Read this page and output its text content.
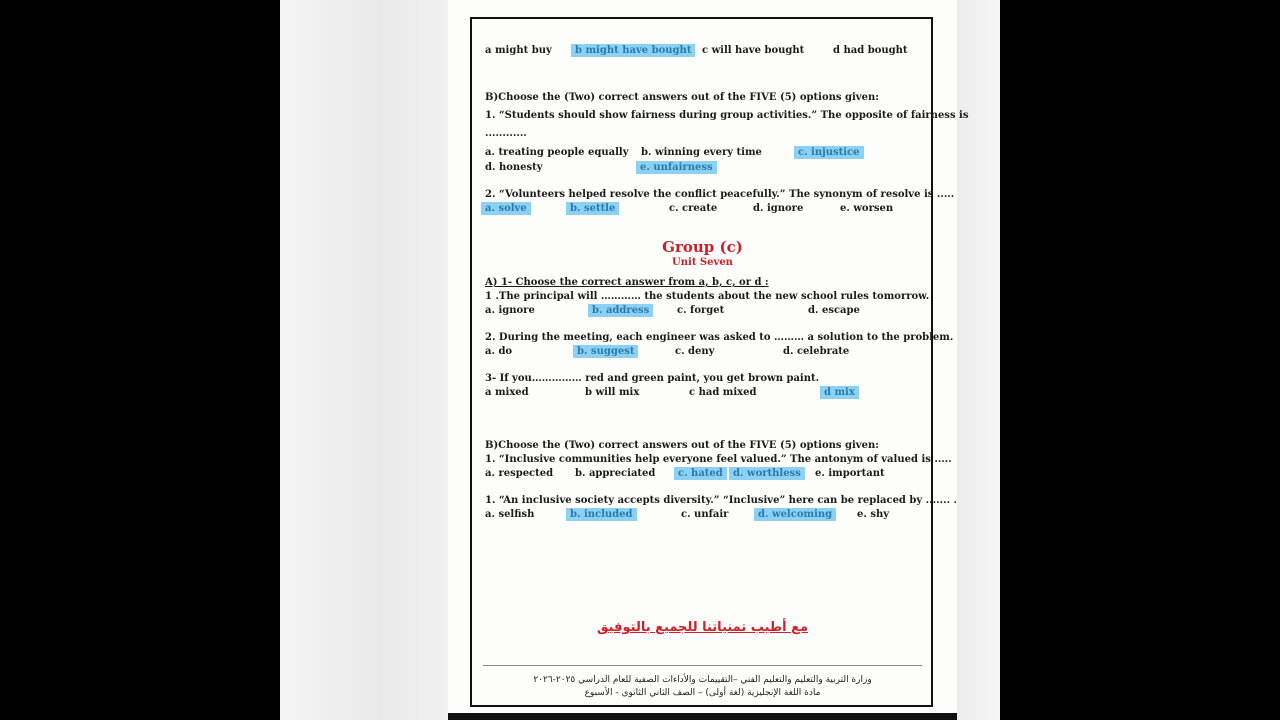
Group (c)
Unit Seven
مع أطيب تمنياتنا للجميع بالتوفيق
a might buy	b might have bought	c will have bought	d had bought
B)Choose the (Two) correct answers out of the FIVE (5) options given:
1. “Students should show fairness during group activities.” The opposite of fairness is
............
a. treating people equally b. winning every time	c. injustice
d. honesty	e. unfairness
2. “Volunteers helped resolve the conflict peacefully.” The synonym of resolve is .....
a. solve	b. settle	c. create	d. ignore	e. worsen
A) 1- Choose the correct answer from a, b, c, or d :
1 .The principal will ………… the students about the new school rules tomorrow.
a. ignore	b. address	c. forget	d. escape
2. During the meeting, each engineer was asked to ……… a solution to the problem.
a. do	b. suggest	c. deny	d. celebrate
3- If you…………… red and green paint, you get brown paint.
a mixed	b will mix	c had mixed	d mix
B)Choose the (Two) correct answers out of the FIVE (5) options given:
1. “Inclusive communities help everyone feel valued.” The antonym of valued is .....
a. respected b. appreciated	c. hated	d. worthless	e. important
1. “An inclusive society accepts diversity.” “Inclusive” here can be replaced by ....... .
a. selfish	b. included	c. unfair	d. welcoming	e. shy
وزارة التربية والتعليم والتعليم الفني –التقييمات والأداءات الصفية للعام الدراسي ٢٠٢٥-٢٠٢٦
مادة اللغة الإنجليزية (لغة أولى) – الصف الثاني الثانوي - الأسبوع
